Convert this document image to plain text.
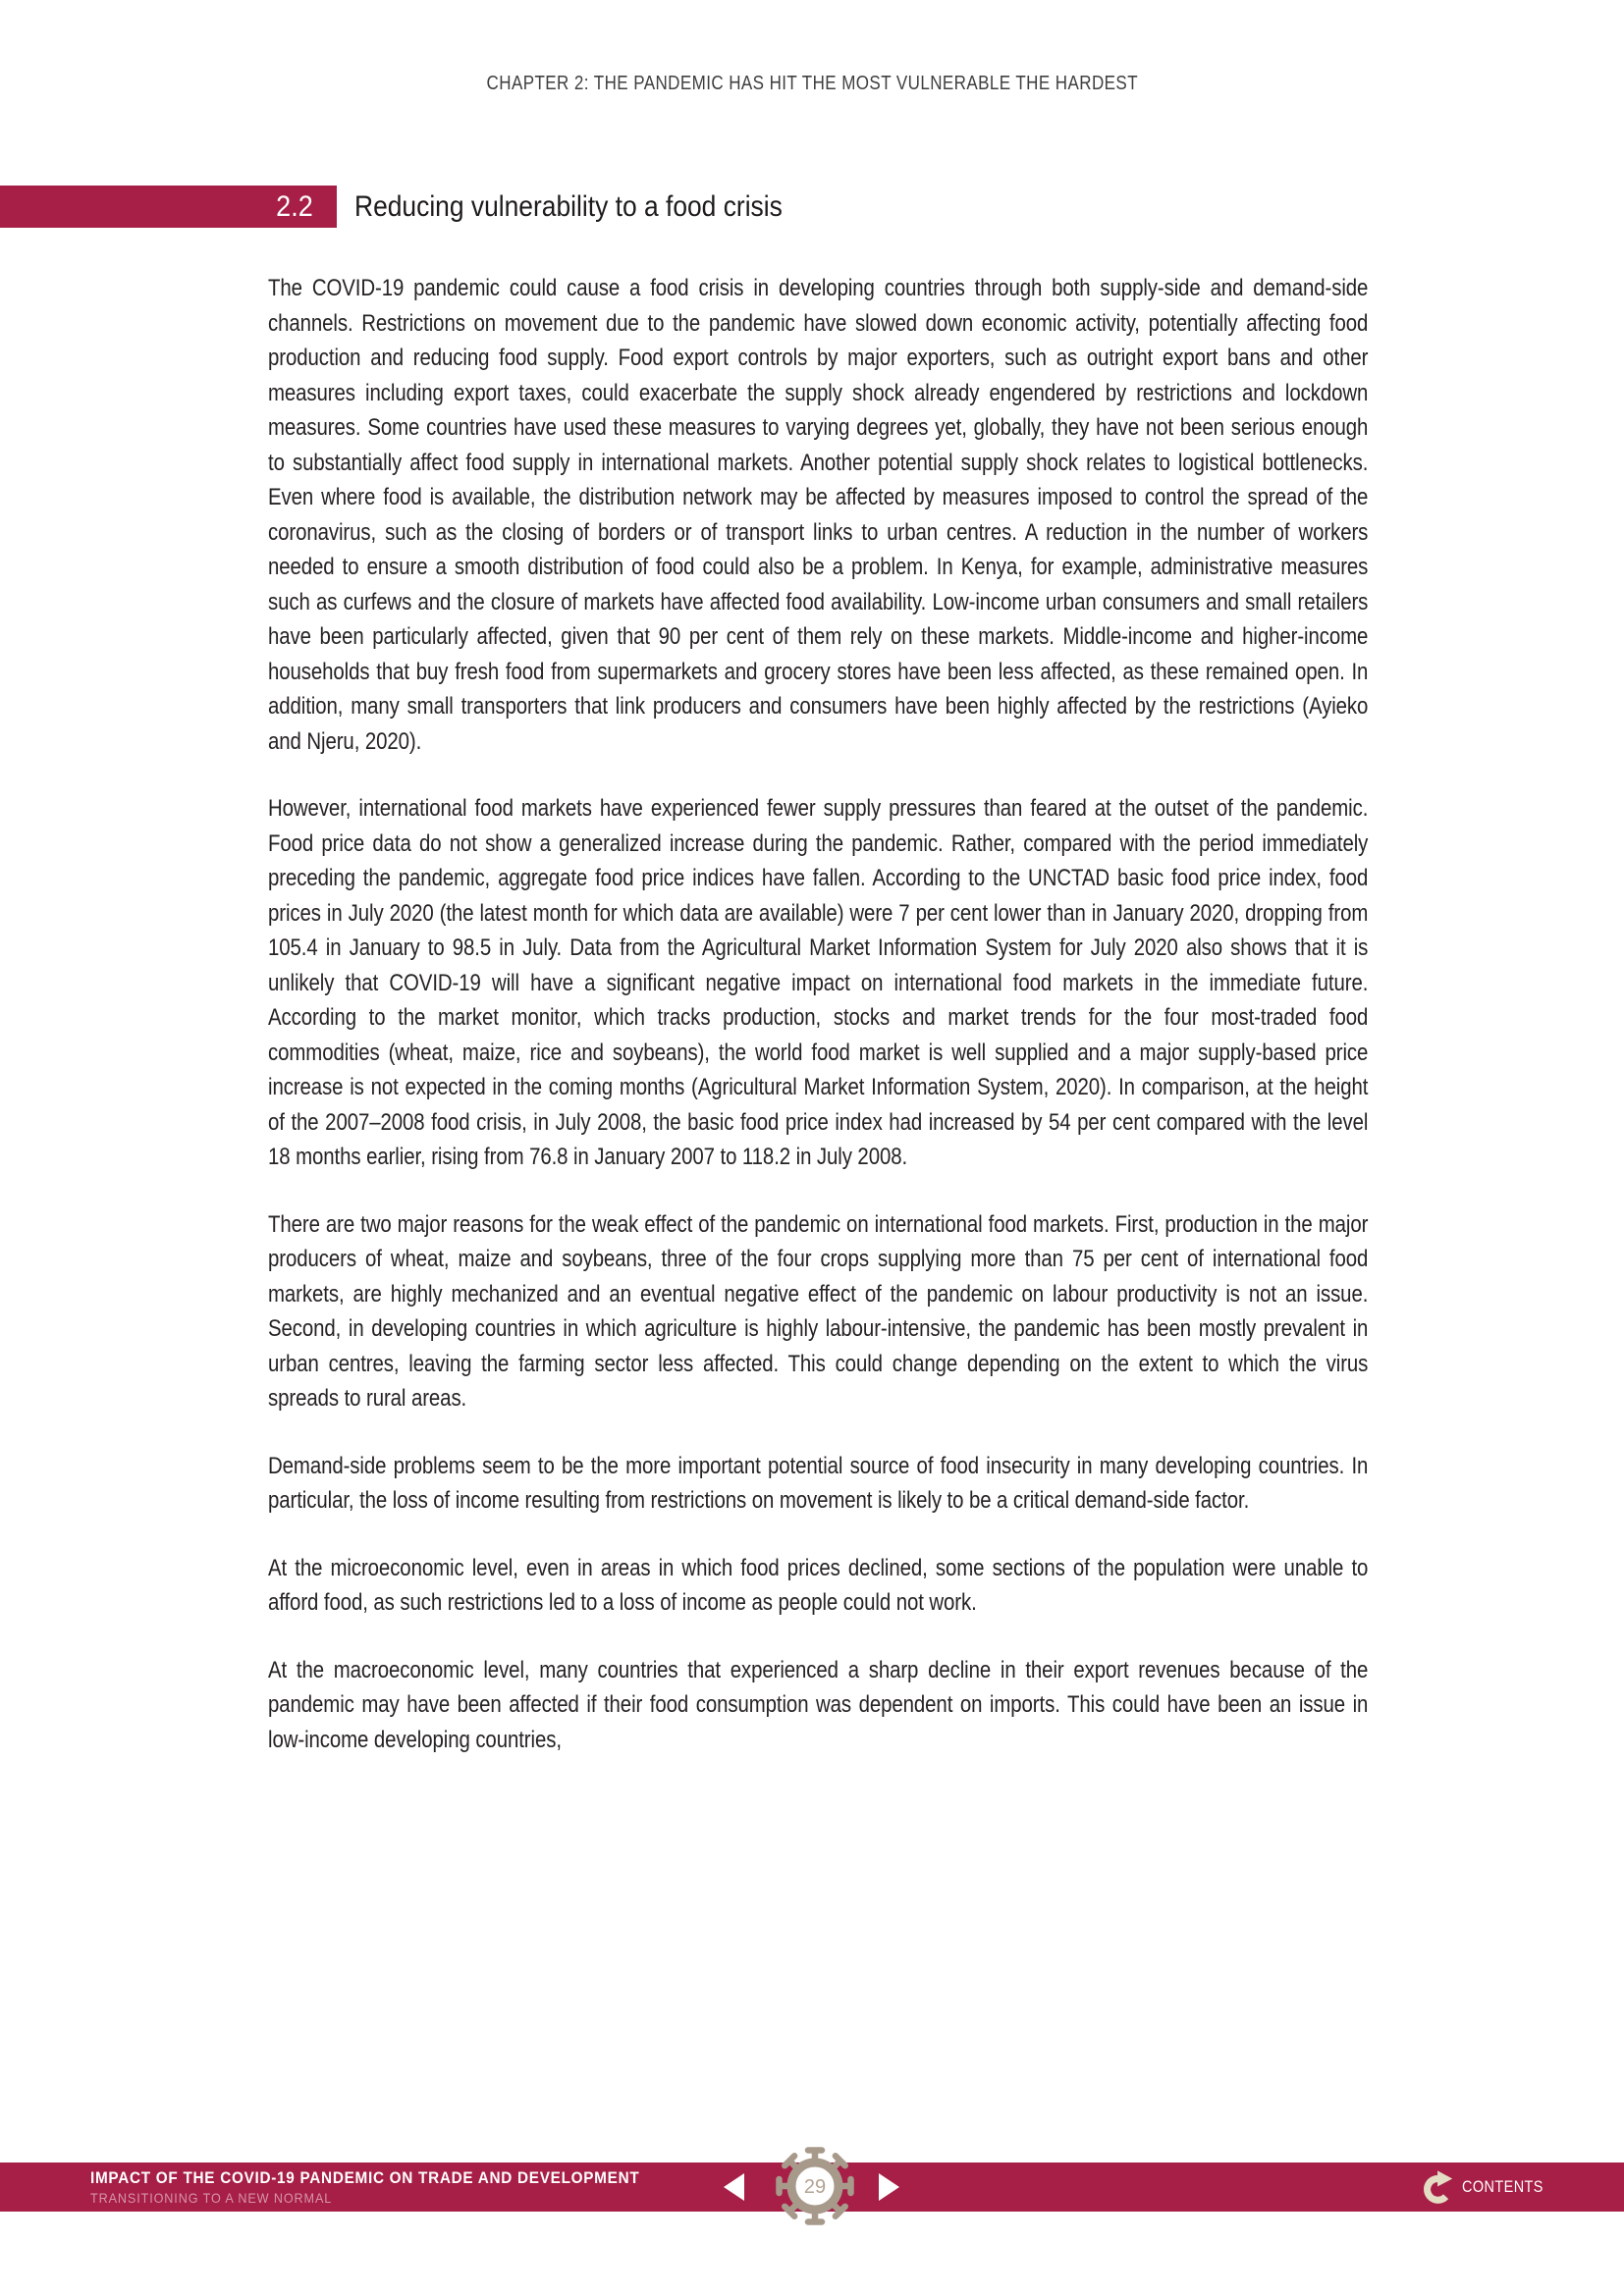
CHAPTER 2: THE PANDEMIC HAS HIT THE MOST VULNERABLE THE HARDEST
2.2 Reducing vulnerability to a food crisis

The COVID-19 pandemic could cause a food crisis in developing countries through both supply-side and demand-side channels. Restrictions on movement due to the pandemic have slowed down economic activity, potentially affecting food production and reducing food supply. Food export controls by major exporters, such as outright export bans and other measures including export taxes, could exacerbate the supply shock already engendered by restrictions and lockdown measures. Some countries have used these measures to varying degrees yet, globally, they have not been serious enough to substantially affect food supply in international markets. Another potential supply shock relates to logistical bottlenecks. Even where food is available, the distribution network may be affected by measures imposed to control the spread of the coronavirus, such as the closing of borders or of transport links to urban centres. A reduction in the number of workers needed to ensure a smooth distribution of food could also be a problem. In Kenya, for example, administrative measures such as curfews and the closure of markets have affected food availability. Low-income urban consumers and small retailers have been particularly affected, given that 90 per cent of them rely on these markets. Middle-income and higher-income households that buy fresh food from supermarkets and grocery stores have been less affected, as these remained open. In addition, many small transporters that link producers and consumers have been highly affected by the restrictions (Ayieko and Njeru, 2020).

However, international food markets have experienced fewer supply pressures than feared at the outset of the pandemic. Food price data do not show a generalized increase during the pandemic. Rather, compared with the period immediately preceding the pandemic, aggregate food price indices have fallen. According to the UNCTAD basic food price index, food prices in July 2020 (the latest month for which data are available) were 7 per cent lower than in January 2020, dropping from 105.4 in January to 98.5 in July. Data from the Agricultural Market Information System for July 2020 also shows that it is unlikely that COVID-19 will have a significant negative impact on international food markets in the immediate future. According to the market monitor, which tracks production, stocks and market trends for the four most-traded food commodities (wheat, maize, rice and soybeans), the world food market is well supplied and a major supply-based price increase is not expected in the coming months (Agricultural Market Information System, 2020). In comparison, at the height of the 2007–2008 food crisis, in July 2008, the basic food price index had increased by 54 per cent compared with the level 18 months earlier, rising from 76.8 in January 2007 to 118.2 in July 2008.

There are two major reasons for the weak effect of the pandemic on international food markets. First, production in the major producers of wheat, maize and soybeans, three of the four crops supplying more than 75 per cent of international food markets, are highly mechanized and an eventual negative effect of the pandemic on labour productivity is not an issue. Second, in developing countries in which agriculture is highly labour-intensive, the pandemic has been mostly prevalent in urban centres, leaving the farming sector less affected. This could change depending on the extent to which the virus spreads to rural areas.

Demand-side problems seem to be the more important potential source of food insecurity in many developing countries. In particular, the loss of income resulting from restrictions on movement is likely to be a critical demand-side factor.

At the microeconomic level, even in areas in which food prices declined, some sections of the population were unable to afford food, as such restrictions led to a loss of income as people could not work.

At the macroeconomic level, many countries that experienced a sharp decline in their export revenues because of the pandemic may have been affected if their food consumption was dependent on imports. This could have been an issue in low-income developing countries,

IMPACT OF THE COVID-19 PANDEMIC ON TRADE AND DEVELOPMENT
TRANSITIONING TO A NEW NORMAL	29	CONTENTS
